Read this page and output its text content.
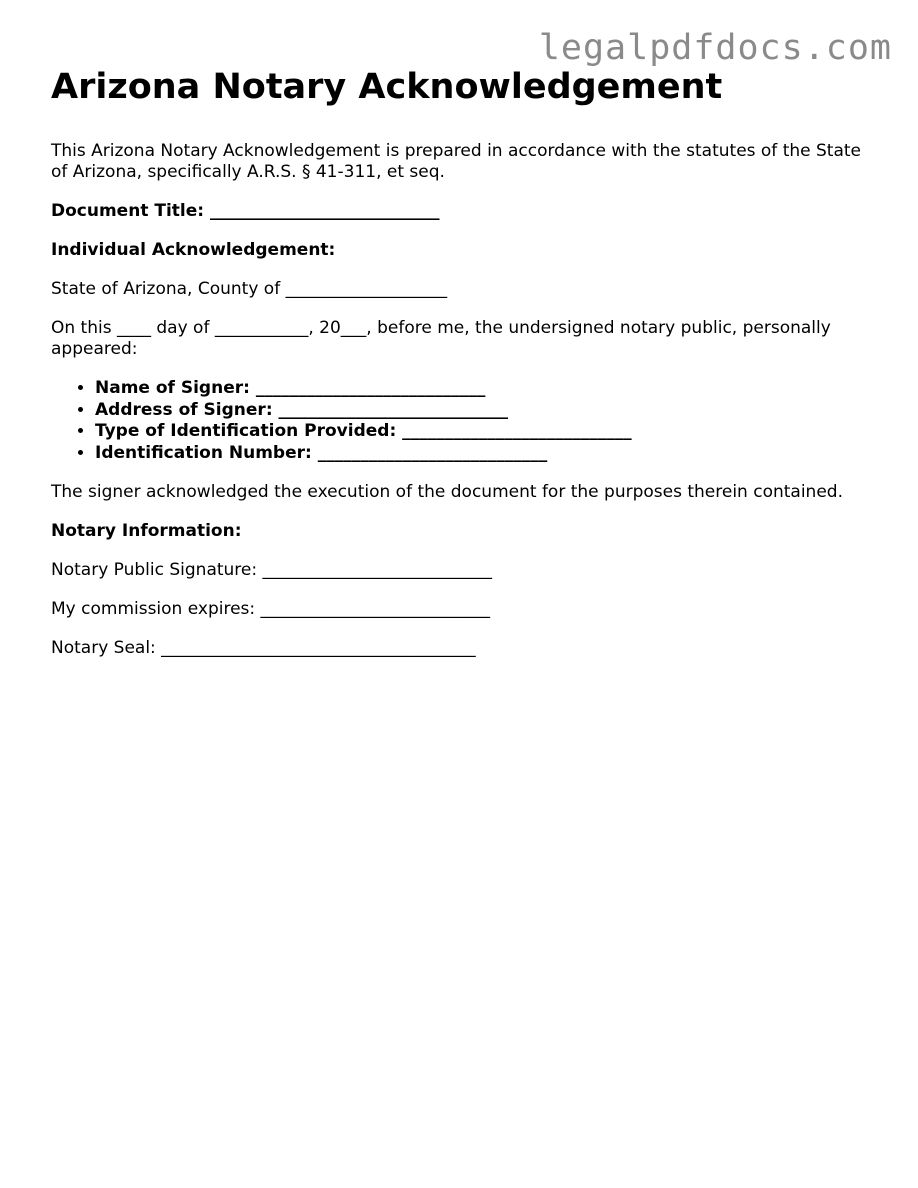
legalpdfdocs.com
Arizona Notary Acknowledgement

This Arizona Notary Acknowledgement is prepared in accordance with the statutes of the State of Arizona, specifically A.R.S. § 41-311, et seq.

Document Title: ___________________________

Individual Acknowledgement:

State of Arizona, County of ___________________

On this ____ day of ___________, 20___, before me, the undersigned notary public, personally appeared:

• Name of Signer: ___________________________
• Address of Signer: ___________________________
• Type of Identification Provided: ___________________________
• Identification Number: ___________________________

The signer acknowledged the execution of the document for the purposes therein contained.

Notary Information:

Notary Public Signature: ___________________________

My commission expires: ___________________________

Notary Seal: _____________________________________
